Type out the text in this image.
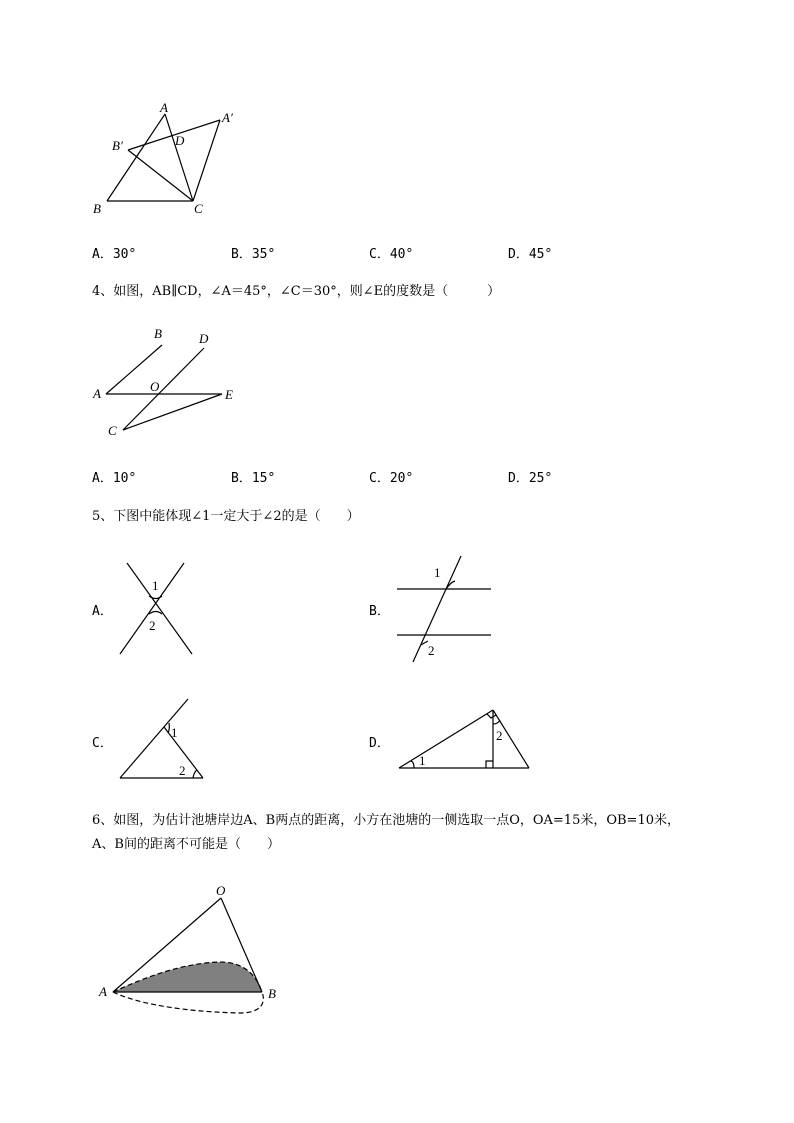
A
A′
B′	D
B	C
A．30°	B．35°	C．40°	D．45°
4、如图，AB∥CD，∠A＝45°，∠C＝30°，则∠E的度数是（　　　）
B	D
A	O
E
C
A．10°	B．15°	C．20°	D．25°
5、下图中能体现∠1一定大于∠2的是（　　）
A．	B．
C．	D．
1
2
1
2
1
2
1
2
6、如图，为估计池塘岸边A、B两点的距离，小方在池塘的一侧选取一点O，OA=15米，OB=10米，
A、B间的距离不可能是（　　）
O
A	B
